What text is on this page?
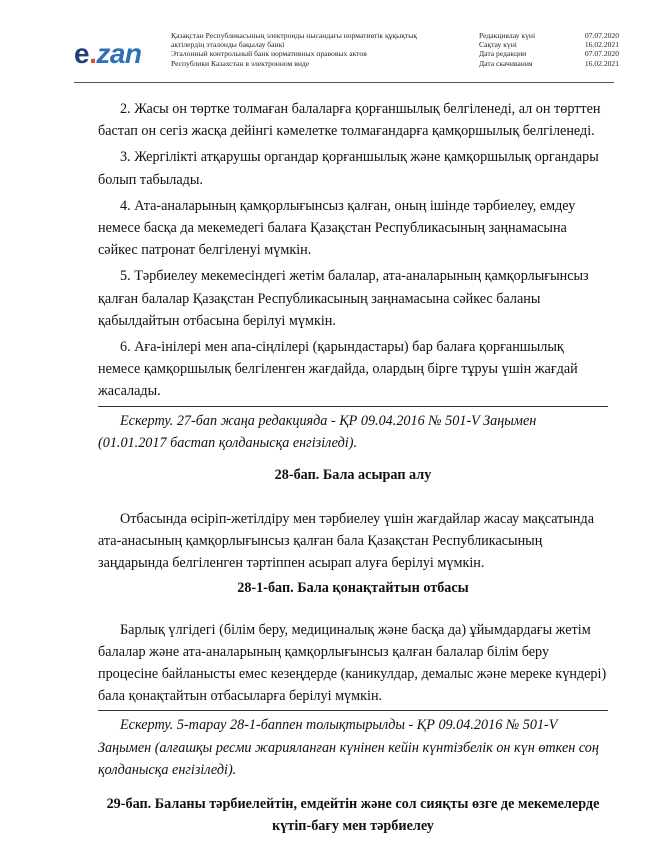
e.zan
Қазақстан Республикасының электронды нысандағы нормативтік құқықтық
актілердің эталонды бақылау банкі
Эталонный контрольный банк нормативных правовых актов
Республики Казахстан в электронном виде
Редакциялау күні	07.07.2020
Сақтау күні	16.02.2021
Дата редакции	07.07.2020
Дата скачивания	16.02.2021

2. Жасы он төртке толмаған балаларға қорғаншылық белгіленеді, ал он төрттен бастап он сегіз жасқа дейінгі кәмелетке толмағандарға қамқоршылық белгіленеді.

3. Жергілікті атқарушы органдар қорғаншылық және қамқоршылық органдары болып табылады.

4. Ата-аналарының қамқорлығынсыз қалған, оның ішінде тәрбиелеу, емдеу немесе басқа да мекемедегі балаға Қазақстан Республикасының заңнамасына сәйкес патронат белгіленуі мүмкін.

5. Тәрбиелеу мекемесіндегі жетім балалар, ата-аналарының қамқорлығынсыз қалған балалар Қазақстан Республикасының заңнамасына сәйкес баланы қабылдайтын отбасына берілуі мүмкін.

6. Аға-інілері мен апа-сіңлілері (қарындастары) бар балаға қорғаншылық немесе қамқоршылық белгіленген жағдайда, олардың бірге тұруы үшін жағдай жасалады.

Ескерту. 27-бап жаңа редакцияда - ҚР 09.04.2016 № 501-V Заңымен (01.01.2017 бастап қолданысқа енгізіледі).

28-бап. Бала асырап алу

Отбасында өсіріп-жетілдіру мен тәрбиелеу үшін жағдайлар жасау мақсатында ата-анасының қамқорлығынсыз қалған бала Қазақстан Республикасының заңдарында белгіленген тәртіппен асырап алуға берілуі мүмкін.

28-1-бап. Бала қонақтайтын отбасы

Барлық үлгідегі (білім беру, медициналық және басқа да) ұйымдардағы жетім балалар және ата-аналарының қамқорлығынсыз қалған балалар білім беру процесіне байланысты емес кезеңдерде (каникулдар, демалыс және мереке күндері) бала қонақтайтын отбасыларға берілуі мүмкін.

Ескерту. 5-тарау 28-1-баппен толықтырылды - ҚР 09.04.2016 № 501-V Заңымен (алғашқы ресми жарияланған күнінен кейін күнтізбелік он күн өткен соң қолданысқа енгізіледі).

29-бап. Баланы тәрбиелейтін, емдейтін және сол сияқты өзге де мекемелерде күтіп-бағу мен тәрбиелеу
